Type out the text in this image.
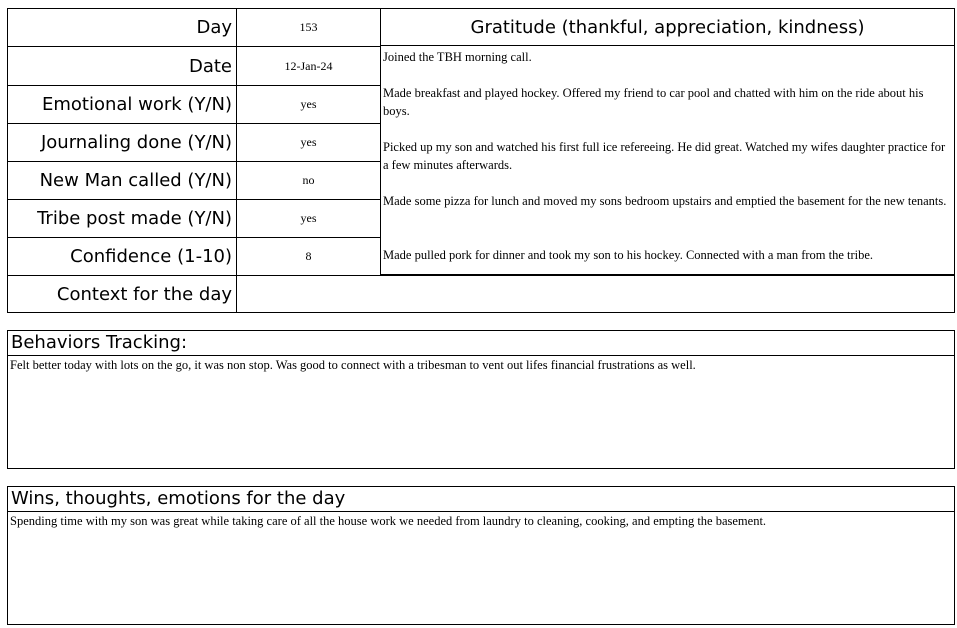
Day
Date
Emotional work (Y/N)
Journaling done (Y/N)
New Man called (Y/N)
Tribe post made (Y/N)
Confidence (1-10)
Context for the day
153
12-Jan-24
yes
yes
no
yes
8
Gratitude (thankful, appreciation, kindness)
Joined the TBH morning call.
Made breakfast and played hockey. Offered my friend to car pool and chatted with him on the ride about his boys.
Picked up my son and watched his first full ice refereeing. He did great. Watched my wifes daughter practice for a few minutes afterwards.
Made some pizza for lunch and moved my sons bedroom upstairs and emptied the basement for the new tenants.
Made pulled pork for dinner and took my son to his hockey. Connected with a man from the tribe.
Behaviors Tracking:
Felt better today with lots on the go, it was non stop. Was good to connect with a tribesman to vent out lifes financial frustrations as well.
Wins, thoughts, emotions for the day
Spending time with my son was great while taking care of all the house work we needed from laundry to cleaning, cooking, and empting the basement.
